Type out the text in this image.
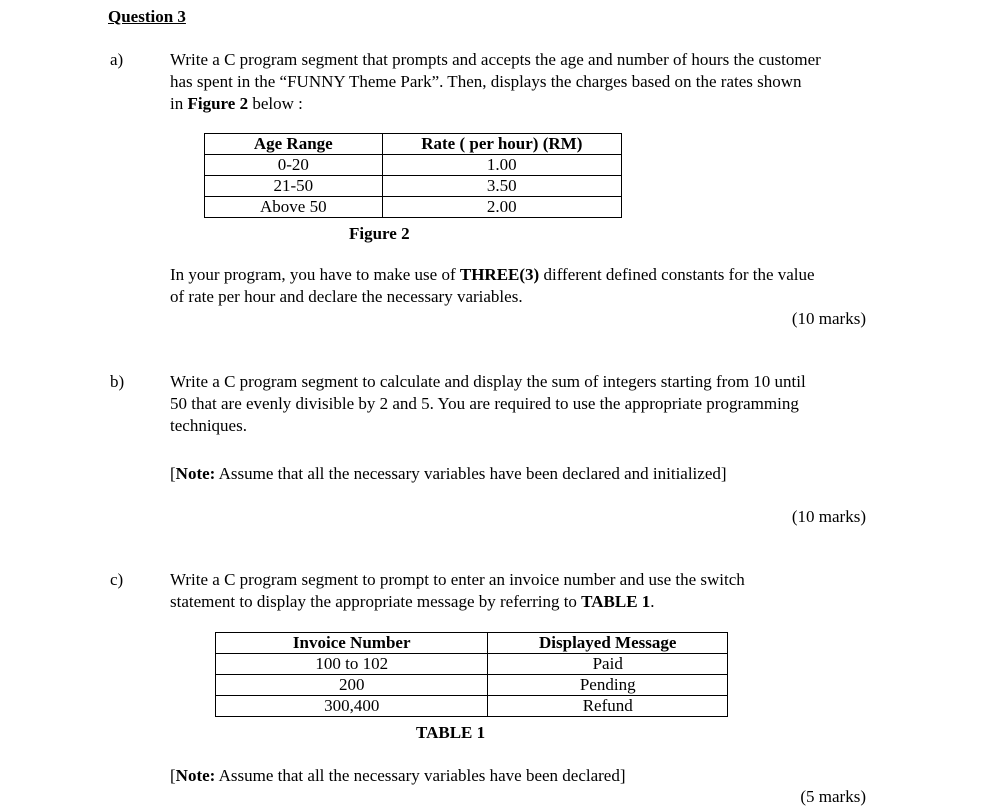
Question 3
a)	Write a C program segment that prompts and accepts the age and number of hours the customer
has spent in the “FUNNY Theme Park”. Then, displays the charges based on the rates shown
in Figure 2 below :
Age Range	Rate ( per hour) (RM)
0-20	1.00
21-50	3.50
Above 50	2.00
Figure 2
In your program, you have to make use of THREE(3) different defined constants for the value
of rate per hour and declare the necessary variables.
(10 marks)
b)	Write a C program segment to calculate and display the sum of integers starting from 10 until
50 that are evenly divisible by 2 and 5. You are required to use the appropriate programming
techniques.
[Note: Assume that all the necessary variables have been declared and initialized]
(10 marks)
c)	Write a C program segment to prompt to enter an invoice number and use the switch
statement to display the appropriate message by referring to TABLE 1.
Invoice Number	Displayed Message
100 to 102	Paid
200	Pending
300,400	Refund
TABLE 1
[Note: Assume that all the necessary variables have been declared]
(5 marks)
